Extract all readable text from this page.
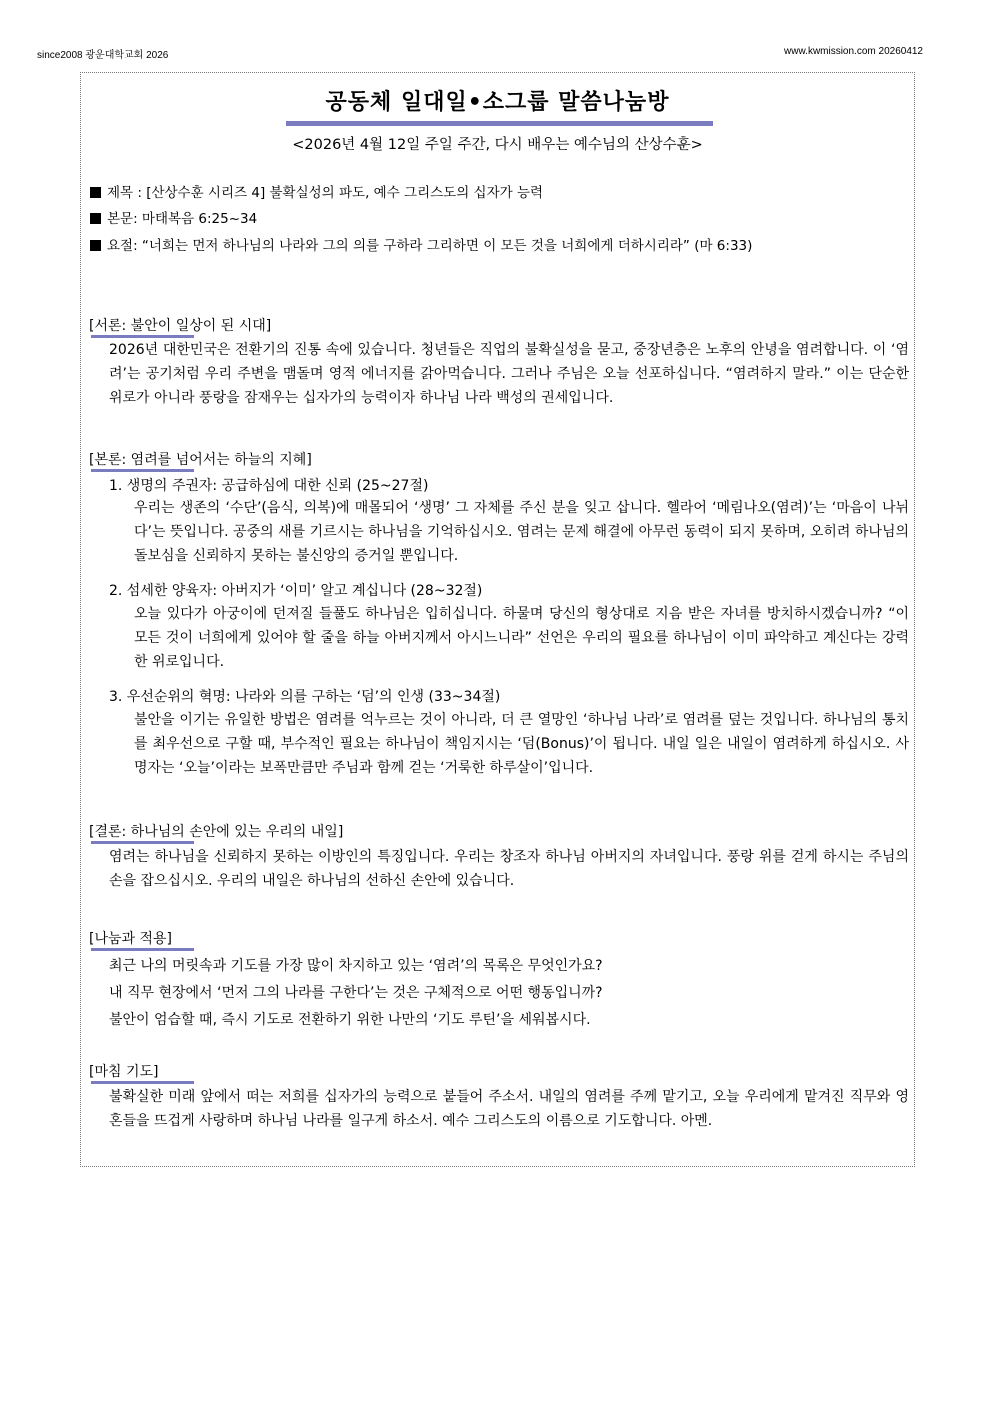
since2008 광운대학교회 2026	www.kwmission.com 20260412
공동체 일대일•소그룹 말씀나눔방
<2026년 4월 12일 주일 주간, 다시 배우는 예수님의 산상수훈>
제목 : [산상수훈 시리즈 4] 불확실성의 파도, 예수 그리스도의 십자가 능력
본문: 마태복음 6:25~34
요절: “너희는 먼저 하나님의 나라와 그의 의를 구하라 그리하면 이 모든 것을 너희에게 더하시리라” (마 6:33)
[서론: 불안이 일상이 된 시대]
2026년 대한민국은 전환기의 진통 속에 있습니다. 청년들은 직업의 불확실성을 묻고, 중장년층은 노후의 안녕을 염려합니다. 이 ‘염려’는 공기처럼 우리 주변을 맴돌며 영적 에너지를 갉아먹습니다. 그러나 주님은 오늘 선포하십니다. “염려하지 말라.” 이는 단순한 위로가 아니라 풍랑을 잠재우는 십자가의 능력이자 하나님 나라 백성의 권세입니다.
[본론: 염려를 넘어서는 하늘의 지혜]
1. 생명의 주권자: 공급하심에 대한 신뢰 (25~27절)
우리는 생존의 ‘수단’(음식, 의복)에 매몰되어 ‘생명’ 그 자체를 주신 분을 잊고 삽니다. 헬라어 ‘메림나오(염려)’는 ‘마음이 나뉘다’는 뜻입니다. 공중의 새를 기르시는 하나님을 기억하십시오. 염려는 문제 해결에 아무런 동력이 되지 못하며, 오히려 하나님의 돌보심을 신뢰하지 못하는 불신앙의 증거일 뿐입니다.
2. 섬세한 양육자: 아버지가 ‘이미’ 알고 계십니다 (28~32절)
오늘 있다가 아궁이에 던져질 들풀도 하나님은 입히십니다. 하물며 당신의 형상대로 지음 받은 자녀를 방치하시겠습니까? “이 모든 것이 너희에게 있어야 할 줄을 하늘 아버지께서 아시느니라” 선언은 우리의 필요를 하나님이 이미 파악하고 계신다는 강력한 위로입니다.
3. 우선순위의 혁명: 나라와 의를 구하는 ‘덤’의 인생 (33~34절)
불안을 이기는 유일한 방법은 염려를 억누르는 것이 아니라, 더 큰 열망인 ‘하나님 나라’로 염려를 덮는 것입니다. 하나님의 통치를 최우선으로 구할 때, 부수적인 필요는 하나님이 책임지시는 ‘덤(Bonus)’이 됩니다. 내일 일은 내일이 염려하게 하십시오. 사명자는 ‘오늘’이라는 보폭만큼만 주님과 함께 걷는 ‘거룩한 하루살이’입니다.
[결론: 하나님의 손안에 있는 우리의 내일]
염려는 하나님을 신뢰하지 못하는 이방인의 특징입니다. 우리는 창조자 하나님 아버지의 자녀입니다. 풍랑 위를 걷게 하시는 주님의 손을 잡으십시오. 우리의 내일은 하나님의 선하신 손안에 있습니다.
[나눔과 적용]
최근 나의 머릿속과 기도를 가장 많이 차지하고 있는 ‘염려’의 목록은 무엇인가요?
내 직무 현장에서 ‘먼저 그의 나라를 구한다’는 것은 구체적으로 어떤 행동입니까?
불안이 엄습할 때, 즉시 기도로 전환하기 위한 나만의 ‘기도 루틴’을 세워봅시다.
[마침 기도]
불확실한 미래 앞에서 떠는 저희를 십자가의 능력으로 붙들어 주소서. 내일의 염려를 주께 맡기고, 오늘 우리에게 맡겨진 직무와 영혼들을 뜨겁게 사랑하며 하나님 나라를 일구게 하소서. 예수 그리스도의 이름으로 기도합니다. 아멘.
